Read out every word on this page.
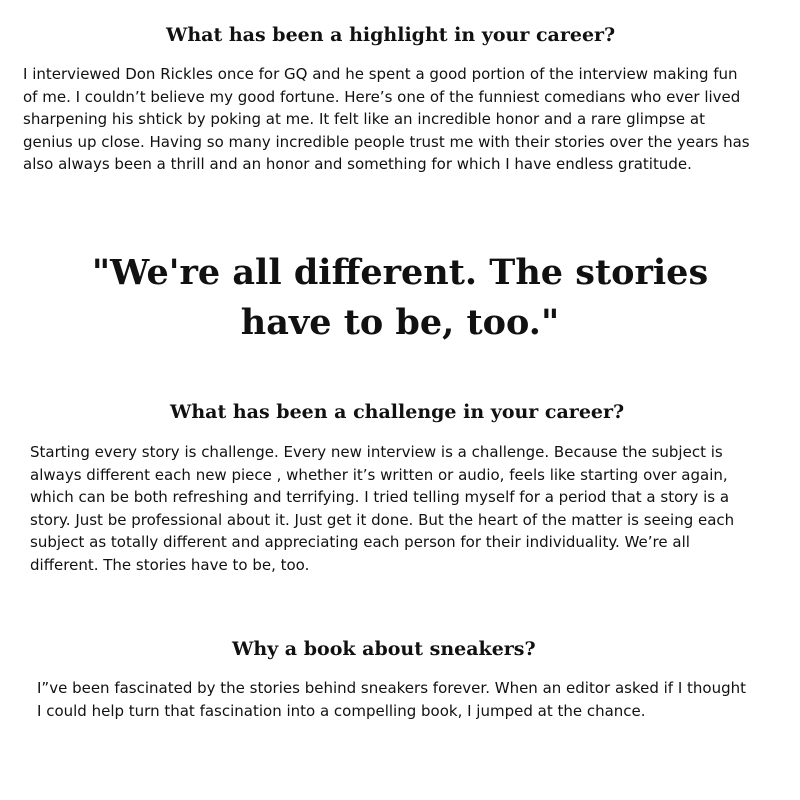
What has been a highlight in your career?
I interviewed Don Rickles once for GQ and he spent a good portion of the interview making fun
of me. I couldn’t believe my good fortune. Here’s one of the funniest comedians who ever lived
sharpening his shtick by poking at me. It felt like an incredible honor and a rare glimpse at
genius up close. Having so many incredible people trust me with their stories over the years has
also always been a thrill and an honor and something for which I have endless gratitude.
"We're all different. The stories
have to be, too."
What has been a challenge in your career?
Starting every story is challenge. Every new interview is a challenge. Because the subject is
always different each new piece , whether it’s written or audio, feels like starting over again,
which can be both refreshing and terrifying. I tried telling myself for a period that a story is a
story. Just be professional about it. Just get it done. But the heart of the matter is seeing each
subject as totally different and appreciating each person for their individuality. We’re all
different. The stories have to be, too.
Why a book about sneakers?
I”ve been fascinated by the stories behind sneakers forever. When an editor asked if I thought
I could help turn that fascination into a compelling book, I jumped at the chance.
